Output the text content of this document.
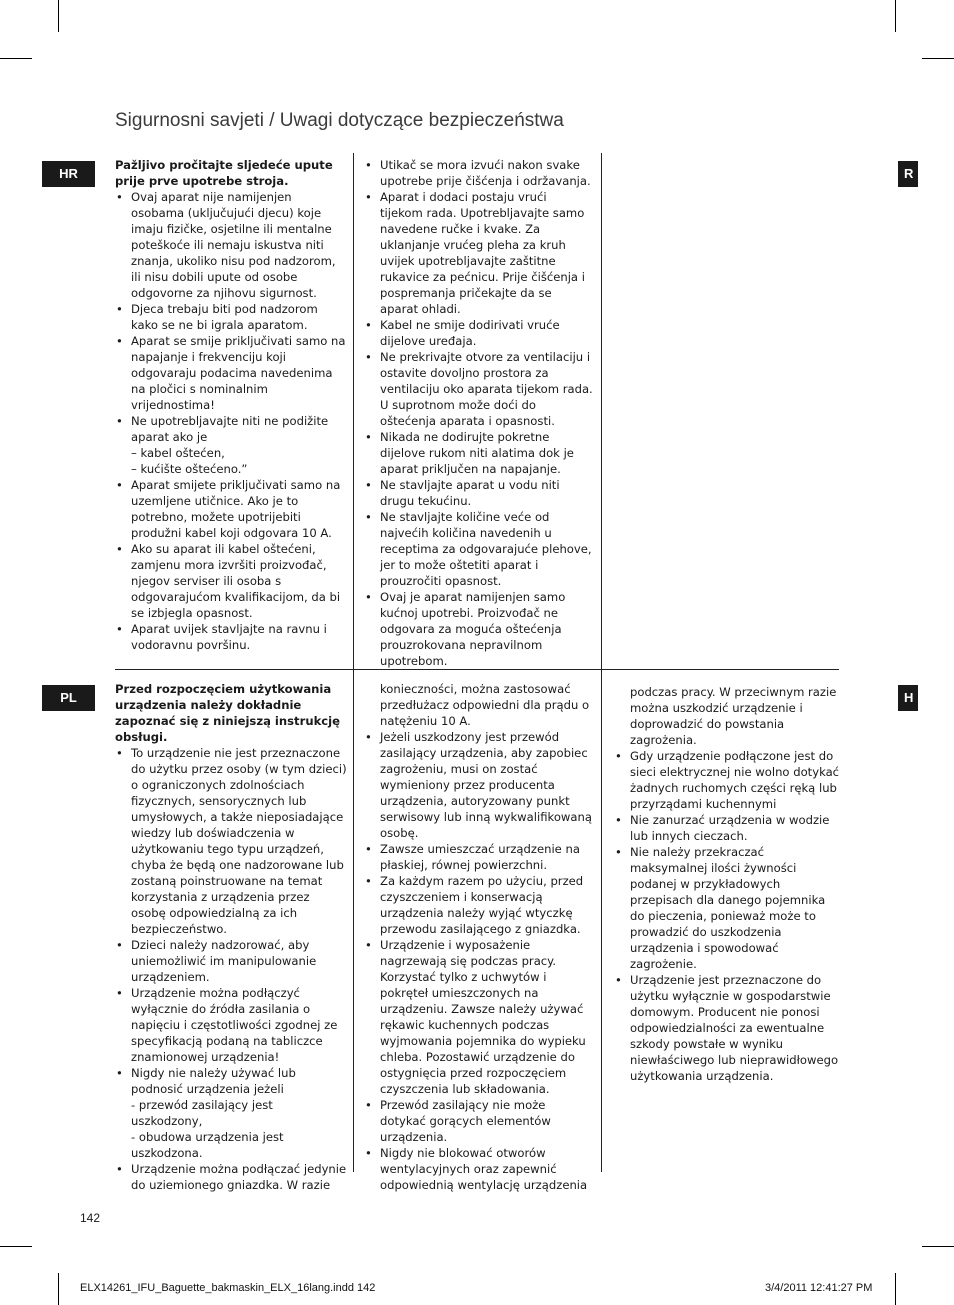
Sigurnosni savjeti / Uwagi dotyczące bezpieczeństwa
HR	R

Pažljivo pročitajte sljedeće upute prije prve upotrebe stroja.

• Ovaj aparat nije namijenjen osobama (uključujući djecu) koje imaju fizičke, osjetilne ili mentalne poteškoće ili nemaju iskustva niti znanja, ukoliko nisu pod nadzorom, ili nisu dobili upute od osobe odgovorne za njihovu sigurnost.
• Djeca trebaju biti pod nadzorom kako se ne bi igrala aparatom.
• Aparat se smije priključivati samo na napajanje i frekvenciju koji odgovaraju podacima navedenima na pločici s nominalnim vrijednostima!
• Ne upotrebljavajte niti ne podižite aparat ako je
– kabel oštećen,
– kućište oštećeno.”
• Aparat smijete priključivati samo na uzemljene utičnice. Ako je to potrebno, možete upotrijebiti produžni kabel koji odgovara 10 A.
• Ako su aparat ili kabel oštećeni, zamjenu mora izvršiti proizvođač, njegov serviser ili osoba s odgovarajućom kvalifikacijom, da bi se izbjegla opasnost.
• Aparat uvijek stavljajte na ravnu i vodoravnu površinu.
• Utikač se mora izvući nakon svake upotrebe prije čišćenja i održavanja.
• Aparat i dodaci postaju vrući tijekom rada. Upotrebljavajte samo navedene ručke i kvake. Za uklanjanje vrućeg pleha za kruh uvijek upotrebljavajte zaštitne rukavice za pećnicu. Prije čišćenja i pospremanja pričekajte da se aparat ohladi.
• Kabel ne smije dodirivati vruće dijelove uređaja.
• Ne prekrivajte otvore za ventilaciju i ostavite dovoljno prostora za ventilaciju oko aparata tijekom rada. U suprotnom može doći do oštećenja aparata i opasnosti.
• Nikada ne dodirujte pokretne dijelove rukom niti alatima dok je aparat priključen na napajanje.
• Ne stavljajte aparat u vodu niti drugu tekućinu.
• Ne stavljajte količine veće od najvećih količina navedenih u receptima za odgovarajuće plehove, jer to može oštetiti aparat i prouzročiti opasnost.
• Ovaj je aparat namijenjen samo kućnoj upotrebi. Proizvođač ne odgovara za moguća oštećenja prouzrokovana nepravilnom upotrebom.
PL	H

Przed rozpoczęciem użytkowania urządzenia należy dokładnie zapoznać się z niniejszą instrukcję obsługi.

• To urządzenie nie jest przeznaczone do użytku przez osoby (w tym dzieci) o ograniczonych zdolnościach fizycznych, sensorycznych lub umysłowych, a także nieposiadające wiedzy lub doświadczenia w użytkowaniu tego typu urządzeń, chyba że będą one nadzorowane lub zostaną poinstruowane na temat korzystania z urządzenia przez osobę odpowiedzialną za ich bezpieczeństwo.
• Dzieci należy nadzorować, aby uniemożliwić im manipulowanie urządzeniem.
• Urządzenie można podłączyć wyłącznie do źródła zasilania o napięciu i częstotliwości zgodnej ze specyfikacją podaną na tabliczce znamionowej urządzenia!
• Nigdy nie należy używać lub podnosić urządzenia jeżeli
- przewód zasilający jest uszkodzony,
- obudowa urządzenia jest uszkodzona.
• Urządzenie można podłączać jedynie do uziemionego gniazdka. W razie

konieczności, można zastosować przedłużacz odpowiedni dla prądu o natężeniu 10 A.

• Jeżeli uszkodzony jest przewód zasilający urządzenia, aby zapobiec zagrożeniu, musi on zostać wymieniony przez producenta urządzenia, autoryzowany punkt serwisowy lub inną wykwalifikowaną osobę.
• Zawsze umieszczać urządzenie na płaskiej, równej powierzchni.
• Za każdym razem po użyciu, przed czyszczeniem i konserwacją urządzenia należy wyjąć wtyczkę przewodu zasilającego z gniazdka.
• Urządzenie i wyposażenie nagrzewają się podczas pracy. Korzystać tylko z uchwytów i pokręteł umieszczonych na urządzeniu. Zawsze należy używać rękawic kuchennych podczas wyjmowania pojemnika do wypieku chleba. Pozostawić urządzenie do ostygnięcia przed rozpoczęciem czyszczenia lub składowania.
• Przewód zasilający nie może dotykać gorących elementów urządzenia.
• Nigdy nie blokować otworów wentylacyjnych oraz zapewnić odpowiednią wentylację urządzenia

podczas pracy. W przeciwnym razie można uszkodzić urządzenie i doprowadzić do powstania zagrożenia.

• Gdy urządzenie podłączone jest do sieci elektrycznej nie wolno dotykać żadnych ruchomych części ręką lub przyrządami kuchennymi
• Nie zanurzać urządzenia w wodzie lub innych cieczach.
• Nie należy przekraczać maksymalnej ilości żywności podanej w przykładowych przepisach dla danego pojemnika do pieczenia, ponieważ może to prowadzić do uszkodzenia urządzenia i spowodować zagrożenie.
• Urządzenie jest przeznaczone do użytku wyłącznie w gospodarstwie domowym. Producent nie ponosi odpowiedzialności za ewentualne szkody powstałe w wyniku niewłaściwego lub nieprawidłowego użytkowania urządzenia.
142
ELX14261_IFU_Baguette_bakmaskin_ELX_16lang.indd 142	3/4/2011 12:41:27 PM
